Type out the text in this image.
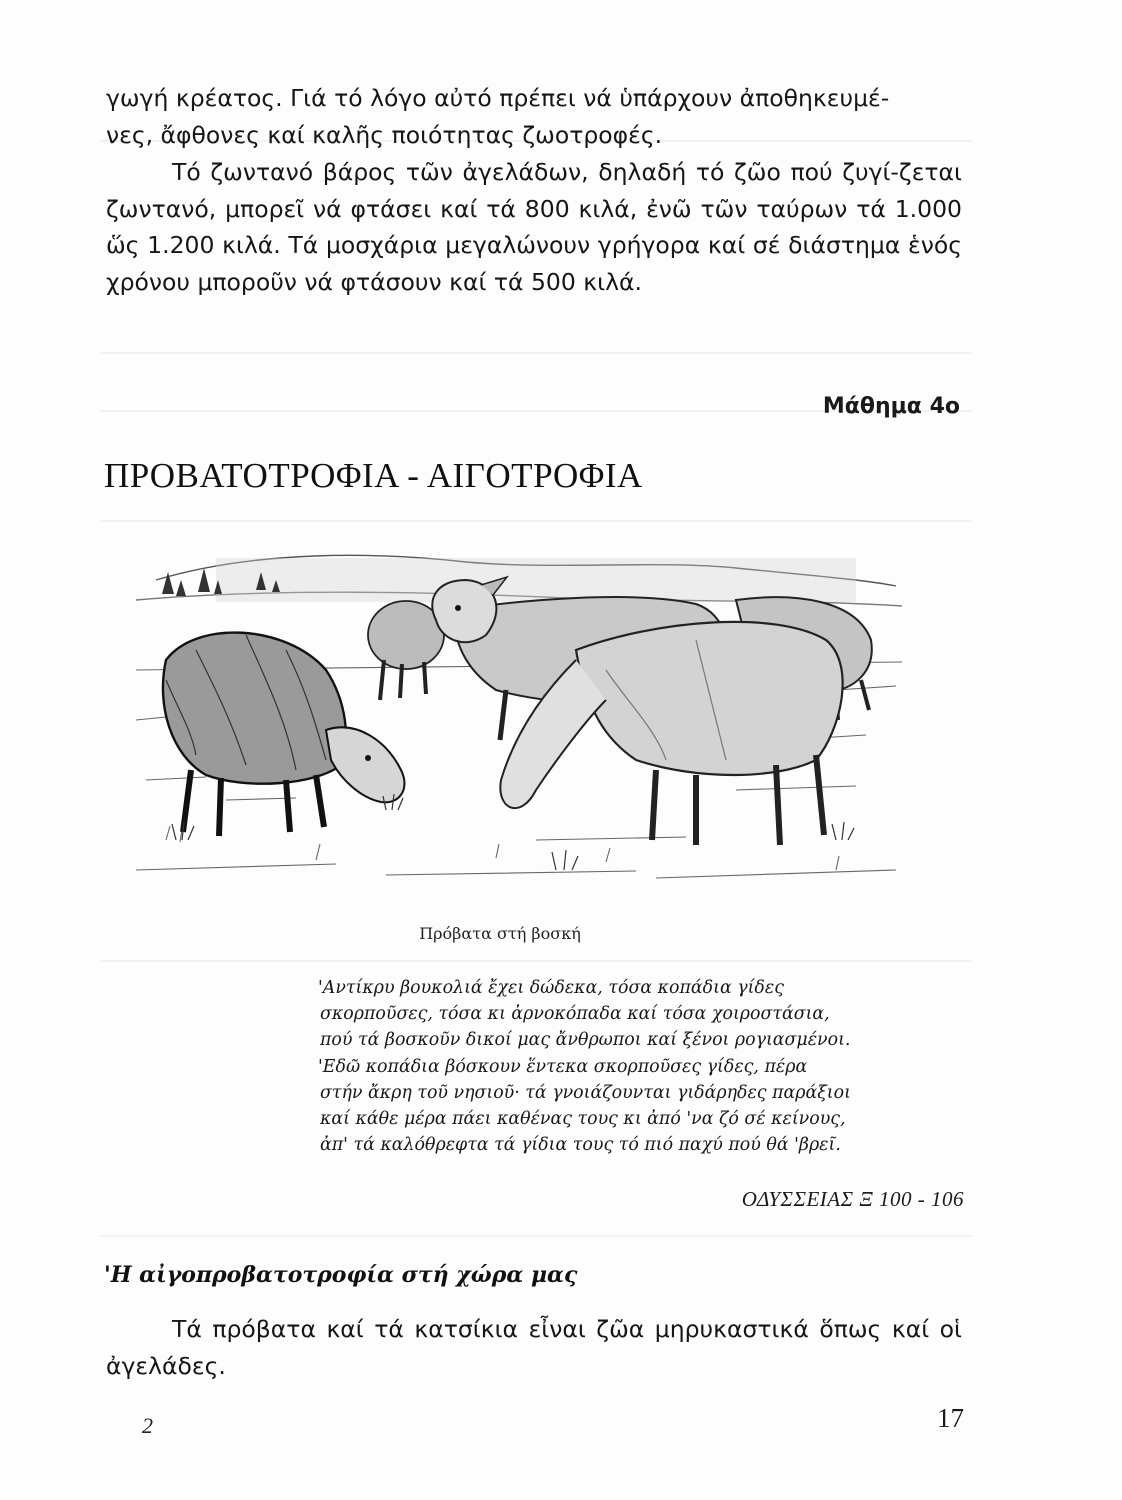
γωγή κρέατος. Γιά τό λόγο αὐτό πρέπει νά ὑπάρχουν ἀποθηκευμέ-
νες, ἄφθονες καί καλῆς ποιότητας ζωοτροφές.

Τό ζωντανό βάρος τῶν ἀγελάδων, δηλαδή τό ζῶο πού ζυγί-ζεται ζωντανό, μπορεῖ νά φτάσει καί τά 800 κιλά, ἐνῶ τῶν ταύρων τά 1.000 ὥς 1.200 κιλά. Τά μοσχάρια μεγαλώνουν γρήγορα καί σέ διάστημα ἑνός χρόνου μποροῦν νά φτάσουν καί τά 500 κιλά.

Μάθημα 4ο
ΠΡΟΒΑΤΟΤΡΟΦΙΑ - ΑΙΓΟΤΡΟΦΙΑ
Πρόβατα στή βοσκή
'Αντίκρυ βουκολιά ἔχει δώδεκα, τόσα κοπάδια γίδες
σκορποῦσες, τόσα κι ἀρνοκόπαδα καί τόσα χοιροστάσια,
πού τά βοσκοῦν δικοί μας ἄνθρωποι καί ξένοι ρογιασμένοι.
'Εδῶ κοπάδια βόσκουν ἕντεκα σκορποῦσες γίδες, πέρα
στήν ἄκρη τοῦ νησιοῦ· τά γνοιάζουνται γιδάρηδες παράξιοι
καί κάθε μέρα πάει καθένας τους κι ἀπό 'να ζό σέ κείνους,
ἀπ' τά καλόθρεφτα τά γίδια τους τό πιό παχύ πού θά 'βρεῖ.
ΟΔΥΣΣΕΙΑΣ Ξ 100 - 106
'Η αἰγοπροβατοτροφία στή χώρα μας

Τά πρόβατα καί τά κατσίκια εἶναι ζῶα μηρυκαστικά ὅπως καί οἱ ἀγελάδες.

2	17
